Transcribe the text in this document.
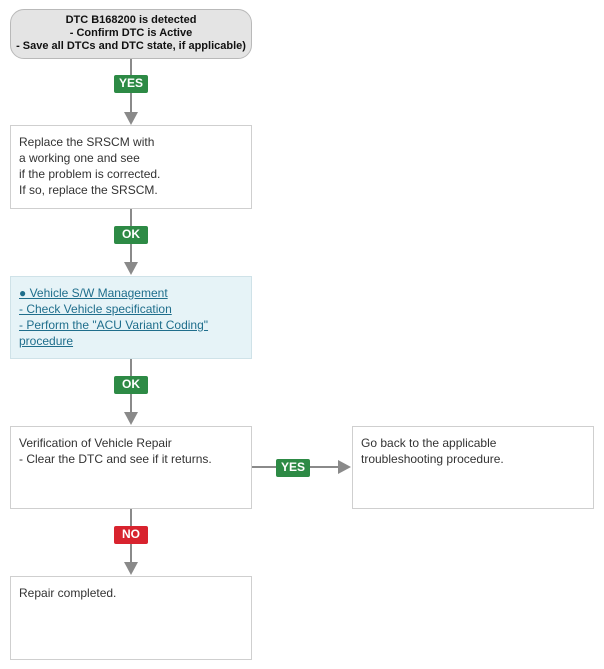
DTC B168200 is detected
- Confirm DTC is Active
- Save all DTCs and DTC state, if applicable)
YES
Replace the SRSCM with
a working one and see
if the problem is corrected.
If so, replace the SRSCM.
OK
● Vehicle S/W Management
- Check Vehicle specification
- Perform the "ACU Variant Coding"
procedure
OK
Verification of Vehicle Repair
- Clear the DTC and see if it returns.
YES
Go back to the applicable
troubleshooting procedure.
NO
Repair completed.
